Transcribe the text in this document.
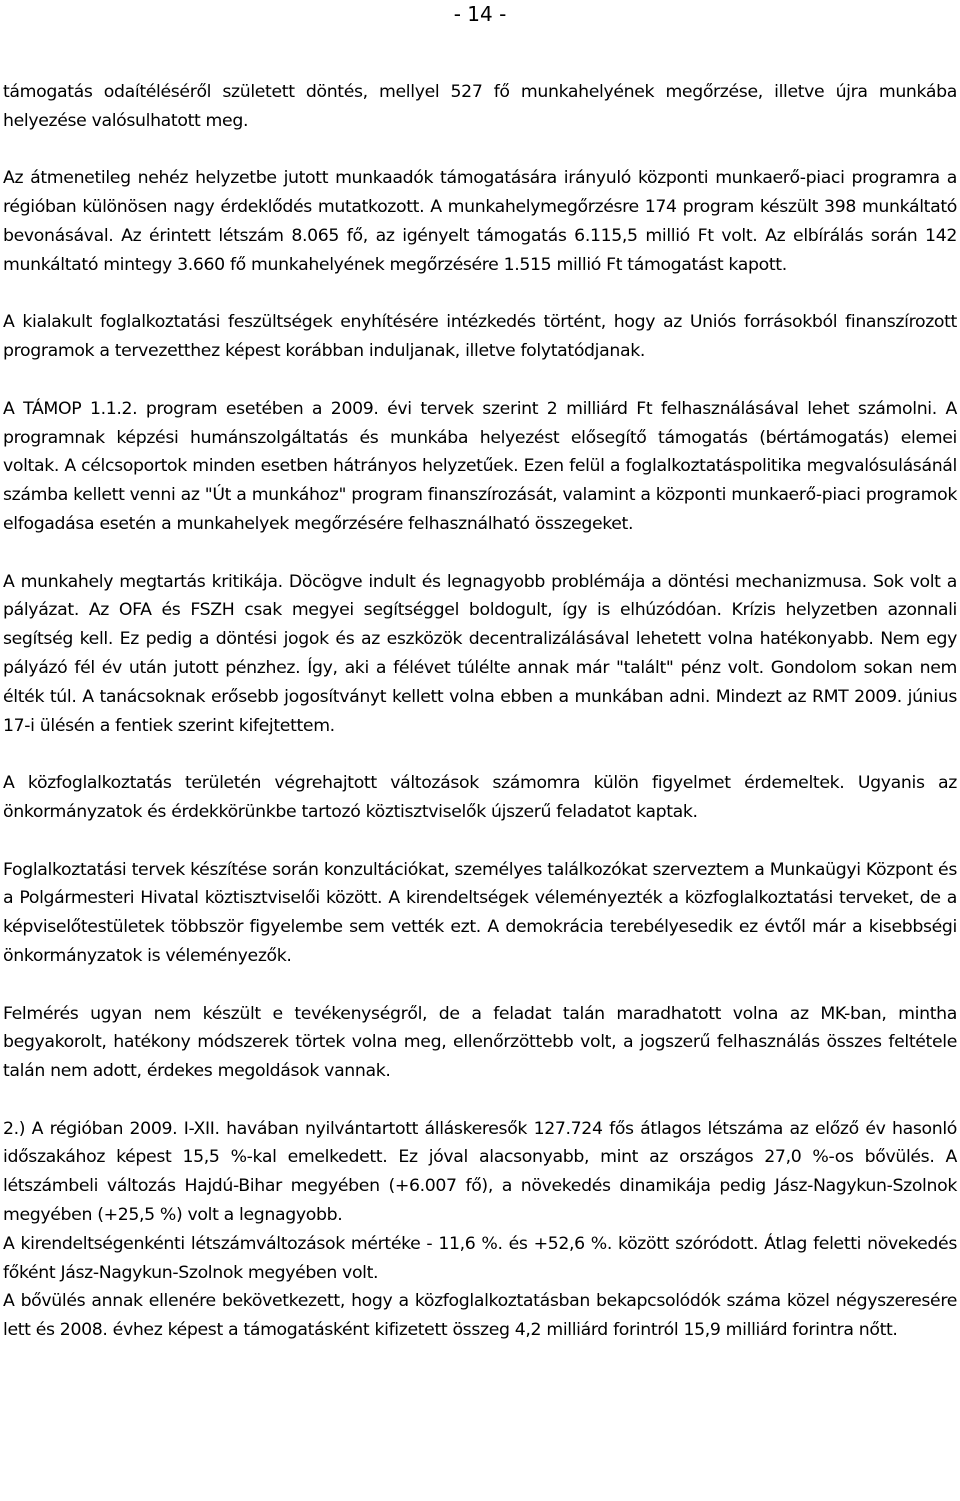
- 14 -

támogatás odaítéléséről született döntés, mellyel 527 fő munkahelyének megőrzése, illetve újra munkába helyezése valósulhatott meg.

Az átmenetileg nehéz helyzetbe jutott munkaadók támogatására irányuló központi munkaerő-piaci programra a régióban különösen nagy érdeklődés mutatkozott. A munkahelymegőrzésre 174 program készült 398 munkáltató bevonásával. Az érintett létszám 8.065 fő, az igényelt támogatás 6.115,5 millió Ft volt. Az elbírálás során 142 munkáltató mintegy 3.660 fő munkahelyének megőrzésére 1.515 millió Ft támogatást kapott.

A kialakult foglalkoztatási feszültségek enyhítésére intézkedés történt, hogy az Uniós forrásokból finanszírozott programok a tervezetthez képest korábban induljanak, illetve folytatódjanak.

A TÁMOP 1.1.2. program esetében a 2009. évi tervek szerint 2 milliárd Ft felhasználásával lehet számolni. A programnak képzési humánszolgáltatás és munkába helyezést elősegítő támogatás (bértámogatás) elemei voltak. A célcsoportok minden esetben hátrányos helyzetűek. Ezen felül a foglalkoztatáspolitika megvalósulásánál számba kellett venni az "Út a munkához" program finanszírozását, valamint a központi munkaerő-piaci programok elfogadása esetén a munkahelyek megőrzésére felhasználható összegeket.

A munkahely megtartás kritikája. Döcögve indult és legnagyobb problémája a döntési mechanizmusa. Sok volt a pályázat. Az OFA és FSZH csak megyei segítséggel boldogult, így is elhúzódóan. Krízis helyzetben azonnali segítség kell. Ez pedig a döntési jogok és az eszközök decentralizálásával lehetett volna hatékonyabb. Nem egy pályázó fél év után jutott pénzhez. Így, aki a félévet túlélte annak már "talált" pénz volt. Gondolom sokan nem élték túl. A tanácsoknak erősebb jogosítványt kellett volna ebben a munkában adni. Mindezt az RMT 2009. június 17-i ülésén a fentiek szerint kifejtettem.

A közfoglalkoztatás területén végrehajtott változások számomra külön figyelmet érdemeltek. Ugyanis az önkormányzatok és érdekkörünkbe tartozó köztisztviselők újszerű feladatot kaptak.

Foglalkoztatási tervek készítése során konzultációkat, személyes találkozókat szerveztem a Munkaügyi Központ és a Polgármesteri Hivatal köztisztviselői között. A kirendeltségek véleményezték a közfoglalkoztatási terveket, de a képviselőtestületek többször figyelembe sem vették ezt. A demokrácia terebélyesedik ez évtől már a kisebbségi önkormányzatok is véleményezők.

Felmérés ugyan nem készült e tevékenységről, de a feladat talán maradhatott volna az MK-ban, mintha begyakorolt, hatékony módszerek törtek volna meg, ellenőrzöttebb volt, a jogszerű felhasználás összes feltétele talán nem adott, érdekes megoldások vannak.

2.) A régióban 2009. I-XII. havában nyilvántartott álláskeresők 127.724 fős átlagos létszáma az előző év hasonló időszakához képest 15,5 %-kal emelkedett. Ez jóval alacsonyabb, mint az országos 27,0 %-os bővülés. A létszámbeli változás Hajdú-Bihar megyében (+6.007 fő), a növekedés dinamikája pedig Jász-Nagykun-Szolnok megyében (+25,5 %) volt a legnagyobb.

A kirendeltségenkénti létszámváltozások mértéke - 11,6 %. és +52,6 %. között szóródott. Átlag feletti növekedés főként Jász-Nagykun-Szolnok megyében volt.

A bővülés annak ellenére bekövetkezett, hogy a közfoglalkoztatásban bekapcsolódók száma közel négyszeresére lett és 2008. évhez képest a támogatásként kifizetett összeg 4,2 milliárd forintról 15,9 milliárd forintra nőtt.
